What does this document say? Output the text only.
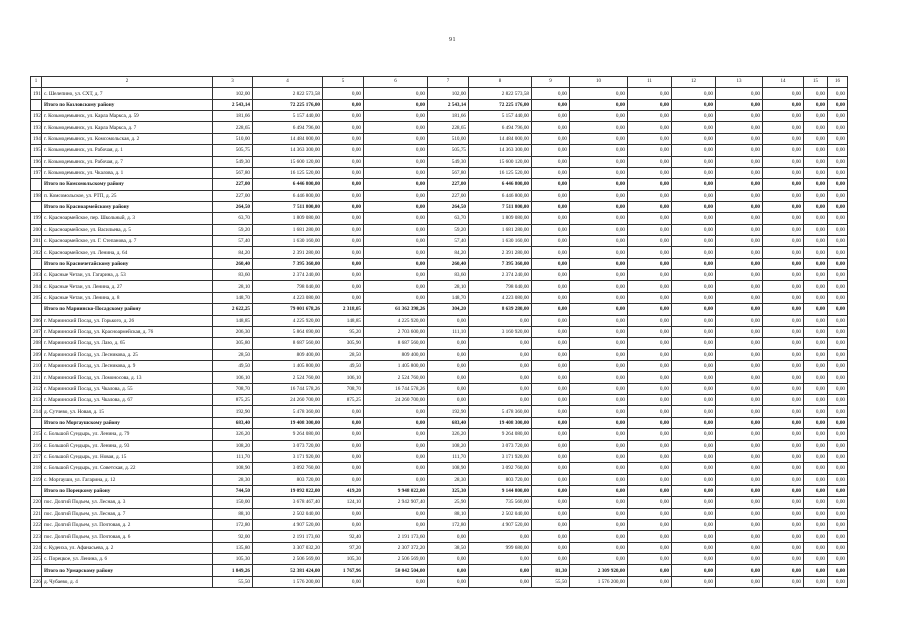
91
1	2	3	4	5	6	7	8	9	10	11	12	13	14	15	16
191	с. Шелепино, ул. СХТ, д. 7	102,00	2 822 573,58	0,00	0,00	102,00	2 822 573,58	0,00	0,00	0,00	0,00	0,00	0,00	0,00	0,00
	Итого по Козловскому району	2 543,14	72 225 176,00	0,00	0,00	2 543,14	72 225 176,00	0,00	0,00	0,00	0,00	0,00	0,00	0,00	0,00
192	г. Козьмодемьянск, ул. Карла Маркса, д. 59	181,66	5 157 440,00	0,00	0,00	181,66	5 157 440,00	0,00	0,00	0,00	0,00	0,00	0,00	0,00	0,00
193	г. Козьмодемьянск, ул. Карла Маркса, д. 7	228,65	6 494 796,00	0,00	0,00	228,65	6 494 796,00	0,00	0,00	0,00	0,00	0,00	0,00	0,00	0,00
194	г. Козьмодемьянск, ул. Комсомольская, д. 2	510,00	14 484 000,00	0,00	0,00	510,00	14 484 000,00	0,00	0,00	0,00	0,00	0,00	0,00	0,00	0,00
195	г. Козьмодемьянск, ул. Рабочая, д. 1	505,75	14 363 300,00	0,00	0,00	505,75	14 363 300,00	0,00	0,00	0,00	0,00	0,00	0,00	0,00	0,00
196	г. Козьмодемьянск, ул. Рабочая, д. 7	549,30	15 600 120,00	0,00	0,00	549,30	15 600 120,00	0,00	0,00	0,00	0,00	0,00	0,00	0,00	0,00
197	г. Козьмодемьянск, ул. Чкалова, д. 1	567,80	16 125 520,00	0,00	0,00	567,80	16 125 520,00	0,00	0,00	0,00	0,00	0,00	0,00	0,00	0,00
	Итого по Комсомольскому району	227,00	6 446 800,00	0,00	0,00	227,00	6 446 800,00	0,00	0,00	0,00	0,00	0,00	0,00	0,00	0,00
198	п. Комсомольское, ул. РТП, д. 25	227,00	6 446 800,00	0,00	0,00	227,00	6 446 800,00	0,00	0,00	0,00	0,00	0,00	0,00	0,00	0,00
	Итого по Красноармейскому району	264,50	7 511 800,00	0,00	0,00	264,50	7 511 800,00	0,00	0,00	0,00	0,00	0,00	0,00	0,00	0,00
199	с. Красноармейское, пер. Школьный, д. 3	63,70	1 809 080,00	0,00	0,00	63,70	1 809 080,00	0,00	0,00	0,00	0,00	0,00	0,00	0,00	0,00
200	с. Красноармейское, ул. Васильева, д. 5	59,20	1 681 280,00	0,00	0,00	59,20	1 681 280,00	0,00	0,00	0,00	0,00	0,00	0,00	0,00	0,00
201	с. Красноармейское, ул. Г. Степанова, д. 7	57,40	1 630 160,00	0,00	0,00	57,40	1 630 160,00	0,00	0,00	0,00	0,00	0,00	0,00	0,00	0,00
202	с. Красноармейское, ул. Ленина, д. 64	84,20	2 391 280,00	0,00	0,00	84,20	2 391 280,00	0,00	0,00	0,00	0,00	0,00	0,00	0,00	0,00
	Итого по Красночетайскому району	260,40	7 395 360,00	0,00	0,00	260,40	7 395 360,00	0,00	0,00	0,00	0,00	0,00	0,00	0,00	0,00
203	с. Красные Четаи, ул. Гагарина, д. 53	83,60	2 374 240,00	0,00	0,00	83,60	2 374 240,00	0,00	0,00	0,00	0,00	0,00	0,00	0,00	0,00
204	с. Красные Четаи, ул. Ленина, д. 27	28,10	798 040,00	0,00	0,00	28,10	798 040,00	0,00	0,00	0,00	0,00	0,00	0,00	0,00	0,00
205	с. Красные Четаи, ул. Ленина, д. 8	148,70	4 223 080,00	0,00	0,00	148,70	4 223 080,00	0,00	0,00	0,00	0,00	0,00	0,00	0,00	0,00
	Итого по Мариинско-Посадскому району	2 622,25	79 001 678,26	2 318,05	61 362 398,26	304,20	8 639 280,00	0,00	0,00	0,00	0,00	0,00	0,00	0,00	0,00
206	г. Мариинский Посад, ул. Горького, д. 26	148,85	4 225 920,00	148,85	4 225 920,00	0,00	0,00	0,00	0,00	0,00	0,00	0,00	0,00	0,00	0,00
207	г. Мариинский Посад, ул. Красноармейская, д. 76	206,30	5 864 690,00	95,20	2 703 600,00	111,10	3 160 920,00	0,00	0,00	0,00	0,00	0,00	0,00	0,00	0,00
208	г. Мариинский Посад, ул. Лазо, д. 65	305,80	8 687 560,00	305,90	8 687 560,00	0,00	0,00	0,00	0,00	0,00	0,00	0,00	0,00	0,00	0,00
209	г. Мариинский Посад, ул. Лесникова, д. 25	28,50	809 400,00	28,50	809 400,00	0,00	0,00	0,00	0,00	0,00	0,00	0,00	0,00	0,00	0,00
210	г. Мариинский Посад, ул. Лесникова, д. 9	49,50	1 405 800,00	49,50	1 405 800,00	0,00	0,00	0,00	0,00	0,00	0,00	0,00	0,00	0,00	0,00
211	г. Мариинский Посад, ул. Ломоносова, д. 13	106,10	2 524 760,00	106,10	2 524 760,00	0,00	0,00	0,00	0,00	0,00	0,00	0,00	0,00	0,00	0,00
212	г. Мариинский Посад, ул. Чкалова, д. 55	708,70	16 744 578,26	708,70	16 744 578,26	0,00	0,00	0,00	0,00	0,00	0,00	0,00	0,00	0,00	0,00
213	г. Мариинский Посад, ул. Чкалова, д. 67	875,25	24 260 700,00	875,25	24 260 700,00	0,00	0,00	0,00	0,00	0,00	0,00	0,00	0,00	0,00	0,00
214	д. Сутчево, ул. Новая, д. 15	192,90	5 478 360,00	0,00	0,00	192,90	5 478 360,00	0,00	0,00	0,00	0,00	0,00	0,00	0,00	0,00
	Итого по Моргаушскому району	683,40	19 408 300,00	0,00	0,00	683,40	19 408 300,00	0,00	0,00	0,00	0,00	0,00	0,00	0,00	0,00
215	с. Большой Сундырь, ул. Ленина, д. 79	326,20	9 264 080,00	0,00	0,00	326,20	9 264 080,00	0,00	0,00	0,00	0,00	0,00	0,00	0,00	0,00
216	с. Большой Сундырь, ул. Ленина, д. 93	108,20	3 073 720,00	0,00	0,00	108,20	3 073 720,00	0,00	0,00	0,00	0,00	0,00	0,00	0,00	0,00
217	с. Большой Сундырь, ул. Новая, д. 15	111,70	3 171 920,00	0,00	0,00	111,70	3 171 920,00	0,00	0,00	0,00	0,00	0,00	0,00	0,00	0,00
218	с. Большой Сундырь, ул. Советская, д. 22	108,90	3 092 760,00	0,00	0,00	108,90	3 092 760,00	0,00	0,00	0,00	0,00	0,00	0,00	0,00	0,00
219	с. Моргауши, ул. Гагарина, д. 12	28,30	803 720,00	0,00	0,00	28,30	803 720,00	0,00	0,00	0,00	0,00	0,00	0,00	0,00	0,00
	Итого по Порецкому району	744,50	19 092 822,00	419,20	9 948 022,00	325,30	9 144 800,00	0,00	0,00	0,00	0,00	0,00	0,00	0,00	0,00
220	пос. Долгий Подъем, ул. Лесная, д. 3	150,00	3 678 467,40	124,10	2 942 907,40	25,90	735 560,00	0,00	0,00	0,00	0,00	0,00	0,00	0,00	0,00
221	пос. Долгий Подъем, ул. Лесная, д. 7	88,10	2 502 040,00	0,00	0,00	88,10	2 502 040,00	0,00	0,00	0,00	0,00	0,00	0,00	0,00	0,00
222	пос. Долгий Подъем, ул. Почтовая, д. 2	172,80	4 907 520,00	0,00	0,00	172,80	4 907 520,00	0,00	0,00	0,00	0,00	0,00	0,00	0,00	0,00
223	пос. Долгий Подъем, ул. Почтовая, д. 6	92,00	2 191 173,60	92,40	2 191 173,60	0,00	0,00	0,00	0,00	0,00	0,00	0,00	0,00	0,00	0,00
224	с. Кудеиха, ул. Афанасьева, д. 2	135,80	3 307 032,20	97,20	2 307 372,20	38,50	999 680,00	0,00	0,00	0,00	0,00	0,00	0,00	0,00	0,00
225	с. Порецкое, ул. Ленина, д. 6	105,30	2 506 569,00	105,30	2 506 569,00	0,00	0,00	0,00	0,00	0,00	0,00	0,00	0,00	0,00	0,00
	Итого по Урмарскому району	1 849,26	52 381 424,00	1 767,96	50 042 504,00	0,00	0,00	81,30	2 309 920,00	0,00	0,00	0,00	0,00	0,00	0,00
226	д. Чубаево, д. 4	55,50	1 576 200,00	0,00	0,00	0,00	0,00	55,50	1 576 200,00	0,00	0,00	0,00	0,00	0,00	0,00
